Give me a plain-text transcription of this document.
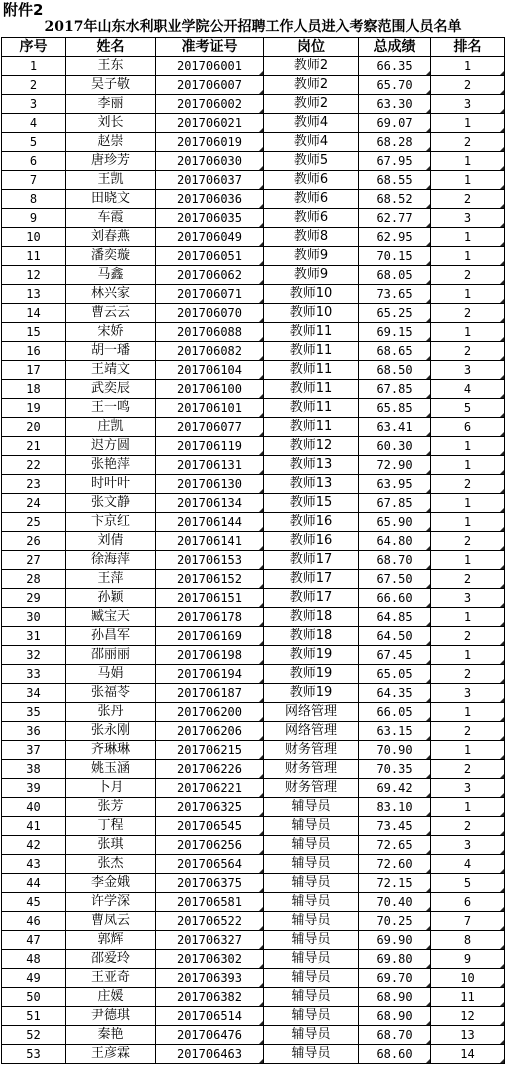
附件2
2017年山东水利职业学院公开招聘工作人员进入考察范围人员名单
序号	姓名	准考证号	岗位	总成绩	排名
1	王东	201706001	教师2	66.35	1
2	吴子敬	201706007	教师2	65.70	2
3	李丽	201706002	教师2	63.30	3
4	刘长	201706021	教师4	69.07	1
5	赵崇	201706019	教师4	68.28	2
6	唐珍芳	201706030	教师5	67.95	1
7	王凯	201706037	教师6	68.55	1
8	田晓文	201706036	教师6	68.52	2
9	车霞	201706035	教师6	62.77	3
10	刘春燕	201706049	教师8	62.95	1
11	潘奕璇	201706051	教师9	70.15	1
12	马鑫	201706062	教师9	68.05	2
13	林兴家	201706071	教师10	73.65	1
14	曹云云	201706070	教师10	65.25	2
15	宋娇	201706088	教师11	69.15	1
16	胡一璠	201706082	教师11	68.65	2
17	王靖文	201706104	教师11	68.50	3
18	武奕辰	201706100	教师11	67.85	4
19	王一鸣	201706101	教师11	65.85	5
20	庄凯	201706077	教师11	63.41	6
21	迟方圆	201706119	教师12	60.30	1
22	张艳萍	201706131	教师13	72.90	1
23	时叶叶	201706130	教师13	63.95	2
24	张文静	201706134	教师15	67.85	1
25	卞京红	201706144	教师16	65.90	1
26	刘倩	201706141	教师16	64.80	2
27	徐海萍	201706153	教师17	68.70	1
28	王萍	201706152	教师17	67.50	2
29	孙颖	201706151	教师17	66.60	3
30	臧宝天	201706178	教师18	64.85	1
31	孙昌军	201706169	教师18	64.50	2
32	邵丽丽	201706198	教师19	67.45	1
33	马娟	201706194	教师19	65.05	2
34	张福苓	201706187	教师19	64.35	3
35	张丹	201706200	网络管理	66.05	1
36	张永刚	201706206	网络管理	63.15	2
37	齐琳琳	201706215	财务管理	70.90	1
38	姚玉涵	201706226	财务管理	70.35	2
39	卜月	201706221	财务管理	69.42	3
40	张芳	201706325	辅导员	83.10	1
41	丁程	201706545	辅导员	73.45	2
42	张琪	201706256	辅导员	72.65	3
43	张杰	201706564	辅导员	72.60	4
44	李金娥	201706375	辅导员	72.15	5
45	许学深	201706581	辅导员	70.40	6
46	曹凤云	201706522	辅导员	70.25	7
47	郭辉	201706327	辅导员	69.90	8
48	邵爱玲	201706302	辅导员	69.80	9
49	王亚奇	201706393	辅导员	69.70	10
50	庄媛	201706382	辅导员	68.90	11
51	尹德琪	201706514	辅导员	68.90	12
52	秦艳	201706476	辅导员	68.70	13
53	王彦霖	201706463	辅导员	68.60	14
